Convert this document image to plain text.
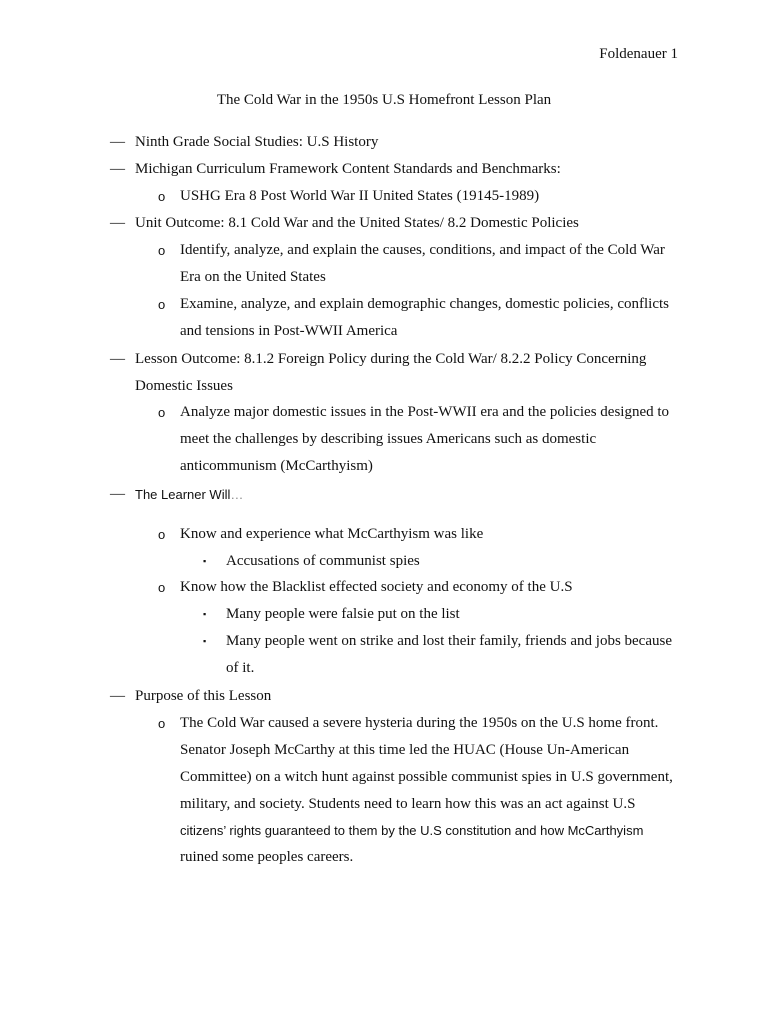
Foldenauer 1
The Cold War in the 1950s U.S Homefront Lesson Plan
— Ninth Grade Social Studies: U.S History
— Michigan Curriculum Framework Content Standards and Benchmarks:
o USHG Era 8 Post World War II United States (19145-1989)
— Unit Outcome: 8.1 Cold War and the United States/ 8.2 Domestic Policies
o Identify, analyze, and explain the causes, conditions, and impact of the Cold War
Era on the United States
o Examine, analyze, and explain demographic changes, domestic policies, conflicts
and tensions in Post-WWII America
— Lesson Outcome: 8.1.2 Foreign Policy during the Cold War/ 8.2.2 Policy Concerning
Domestic Issues
o Analyze major domestic issues in the Post-WWII era and the policies designed to
meet the challenges by describing issues Americans such as domestic
anticommunism (McCarthyism)
— The Learner Will…
o Know and experience what McCarthyism was like
▪ Accusations of communist spies
o Know how the Blacklist effected society and economy of the U.S
▪ Many people were falsie put on the list
▪ Many people went on strike and lost their family, friends and jobs because
of it.
— Purpose of this Lesson
o The Cold War caused a severe hysteria during the 1950s on the U.S home front.
Senator Joseph McCarthy at this time led the HUAC (House Un-American
Committee) on a witch hunt against possible communist spies in U.S government,
military, and society. Students need to learn how this was an act against U.S
citizens’ rights guaranteed to them by the U.S constitution and how McCarthyism
ruined some peoples careers.
